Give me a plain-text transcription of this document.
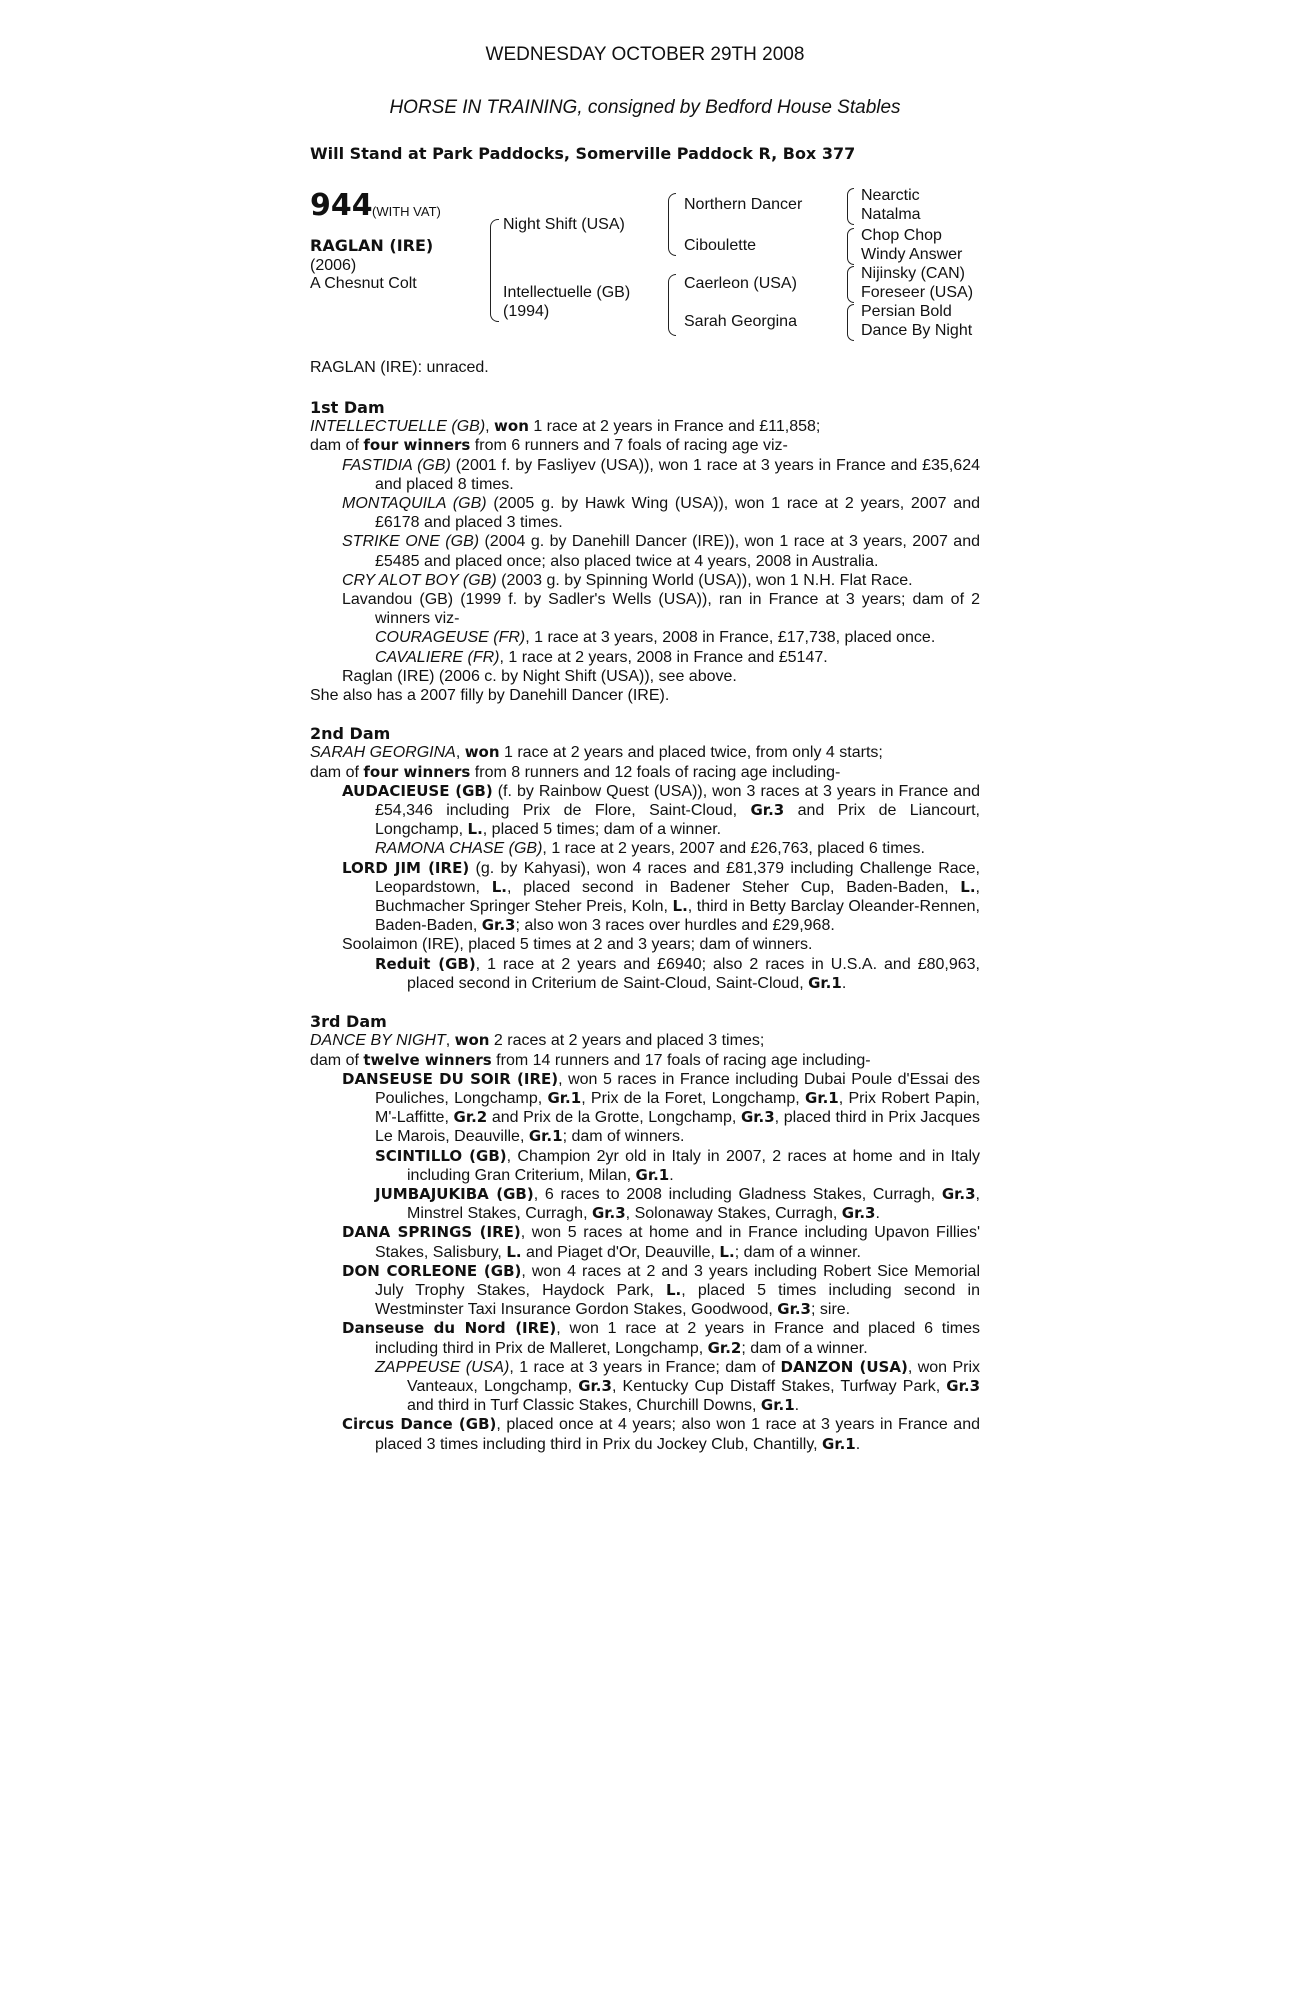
WEDNESDAY OCTOBER 29TH 2008
HORSE IN TRAINING, consigned by Bedford House Stables
Will Stand at Park Paddocks, Somerville Paddock R, Box 377
944 (WITH VAT)
RAGLAN (IRE)
(2006)
A Chesnut Colt
Night Shift (USA)
Intellectuelle (GB)
(1994)
Northern Dancer
Ciboulette
Caerleon (USA)
Sarah Georgina
Nearctic
Natalma
Chop Chop
Windy Answer
Nijinsky (CAN)
Foreseer (USA)
Persian Bold
Dance By Night
RAGLAN (IRE): unraced.

1st Dam

INTELLECTUELLE (GB), won 1 race at 2 years in France and £11,858;

dam of four winners from 6 runners and 7 foals of racing age viz-

FASTIDIA (GB) (2001 f. by Fasliyev (USA)), won 1 race at 3 years in France and £35,624 and placed 8 times.

MONTAQUILA (GB) (2005 g. by Hawk Wing (USA)), won 1 race at 2 years, 2007 and £6178 and placed 3 times.

STRIKE ONE (GB) (2004 g. by Danehill Dancer (IRE)), won 1 race at 3 years, 2007 and £5485 and placed once; also placed twice at 4 years, 2008 in Australia.

CRY ALOT BOY (GB) (2003 g. by Spinning World (USA)), won 1 N.H. Flat Race.

Lavandou (GB) (1999 f. by Sadler's Wells (USA)), ran in France at 3 years; dam of 2 winners viz-

COURAGEUSE (FR), 1 race at 3 years, 2008 in France, £17,738, placed once.

CAVALIERE (FR), 1 race at 2 years, 2008 in France and £5147.

Raglan (IRE) (2006 c. by Night Shift (USA)), see above.

She also has a 2007 filly by Danehill Dancer (IRE).

2nd Dam

SARAH GEORGINA, won 1 race at 2 years and placed twice, from only 4 starts;

dam of four winners from 8 runners and 12 foals of racing age including-

AUDACIEUSE (GB) (f. by Rainbow Quest (USA)), won 3 races at 3 years in France and £54,346 including Prix de Flore, Saint-Cloud, Gr.3 and Prix de Liancourt, Longchamp, L., placed 5 times; dam of a winner.

RAMONA CHASE (GB), 1 race at 2 years, 2007 and £26,763, placed 6 times.

LORD JIM (IRE) (g. by Kahyasi), won 4 races and £81,379 including Challenge Race, Leopardstown, L., placed second in Badener Steher Cup, Baden-Baden, L., Buchmacher Springer Steher Preis, Koln, L., third in Betty Barclay Oleander-Rennen, Baden-Baden, Gr.3; also won 3 races over hurdles and £29,968.

Soolaimon (IRE), placed 5 times at 2 and 3 years; dam of winners.

Reduit (GB), 1 race at 2 years and £6940; also 2 races in U.S.A. and £80,963, placed second in Criterium de Saint-Cloud, Saint-Cloud, Gr.1.

3rd Dam

DANCE BY NIGHT, won 2 races at 2 years and placed 3 times;

dam of twelve winners from 14 runners and 17 foals of racing age including-

DANSEUSE DU SOIR (IRE), won 5 races in France including Dubai Poule d'Essai des Pouliches, Longchamp, Gr.1, Prix de la Foret, Longchamp, Gr.1, Prix Robert Papin, M'-Laffitte, Gr.2 and Prix de la Grotte, Longchamp, Gr.3, placed third in Prix Jacques Le Marois, Deauville, Gr.1; dam of winners.

SCINTILLO (GB), Champion 2yr old in Italy in 2007, 2 races at home and in Italy including Gran Criterium, Milan, Gr.1.

JUMBAJUKIBA (GB), 6 races to 2008 including Gladness Stakes, Curragh, Gr.3, Minstrel Stakes, Curragh, Gr.3, Solonaway Stakes, Curragh, Gr.3.

DANA SPRINGS (IRE), won 5 races at home and in France including Upavon Fillies' Stakes, Salisbury, L. and Piaget d'Or, Deauville, L.; dam of a winner.

DON CORLEONE (GB), won 4 races at 2 and 3 years including Robert Sice Memorial July Trophy Stakes, Haydock Park, L., placed 5 times including second in Westminster Taxi Insurance Gordon Stakes, Goodwood, Gr.3; sire.

Danseuse du Nord (IRE), won 1 race at 2 years in France and placed 6 times including third in Prix de Malleret, Longchamp, Gr.2; dam of a winner.

ZAPPEUSE (USA), 1 race at 3 years in France; dam of DANZON (USA), won Prix Vanteaux, Longchamp, Gr.3, Kentucky Cup Distaff Stakes, Turfway Park, Gr.3 and third in Turf Classic Stakes, Churchill Downs, Gr.1.

Circus Dance (GB), placed once at 4 years; also won 1 race at 3 years in France and placed 3 times including third in Prix du Jockey Club, Chantilly, Gr.1.
